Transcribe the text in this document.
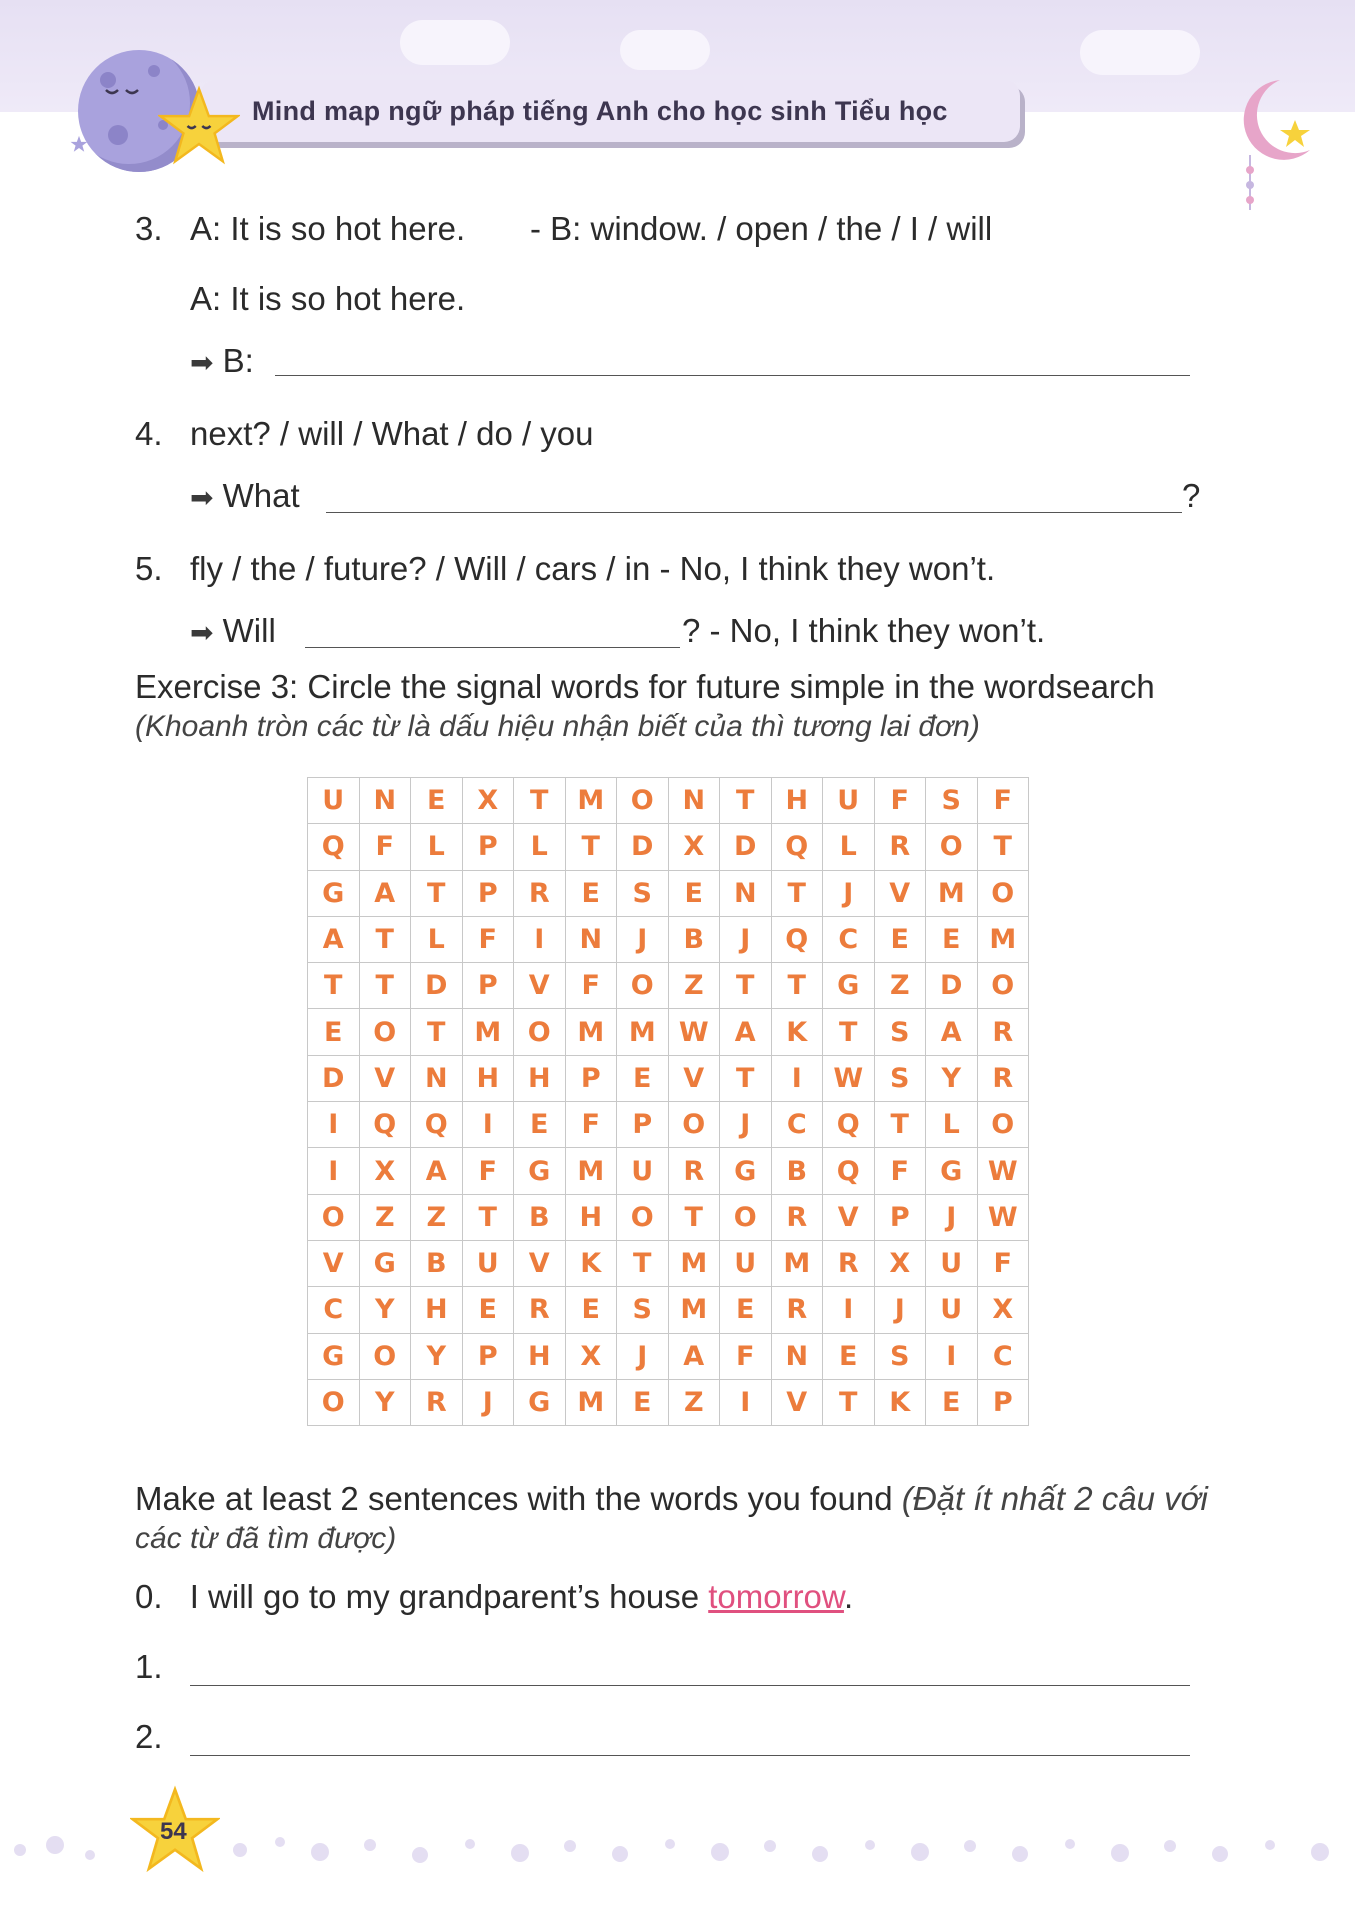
Mind map ngữ pháp tiếng Anh cho học sinh Tiểu học
3. A: It is so hot here. - B: window. / open / the / I / will
A: It is so hot here.
➡ B:
4. next? / will / What / do / you
➡ What	?
5. fly / the / future? / Will / cars / in - No, I think they won’t.
➡ Will	? - No, I think they won’t.
Exercise 3: Circle the signal words for future simple in the wordsearch
(Khoanh tròn các từ là dấu hiệu nhận biết của thì tương lai đơn)
U	N	E	X	T	M	O	N	T	H	U	F	S	F
Q	F	L	P	L	T	D	X	D	Q	L	R	O	T
G	A	T	P	R	E	S	E	N	T	J	V	M	O
A	T	L	F	I	N	J	B	J	Q	C	E	E	M
T	T	D	P	V	F	O	Z	T	T	G	Z	D	O
E	O	T	M	O	M	M	W	A	K	T	S	A	R
D	V	N	H	H	P	E	V	T	I	W	S	Y	R
I	Q	Q	I	E	F	P	O	J	C	Q	T	L	O
I	X	A	F	G	M	U	R	G	B	Q	F	G	W
O	Z	Z	T	B	H	O	T	O	R	V	P	J	W
V	G	B	U	V	K	T	M	U	M	R	X	U	F
C	Y	H	E	R	E	S	M	E	R	I	J	U	X
G	O	Y	P	H	X	J	A	F	N	E	S	I	C
O	Y	R	J	G	M	E	Z	I	V	T	K	E	P
Make at least 2 sentences with the words you found (Đặt ít nhất 2 câu với
các từ đã tìm được)
0. I will go to my grandparent’s house tomorrow.
1.
2.
54
